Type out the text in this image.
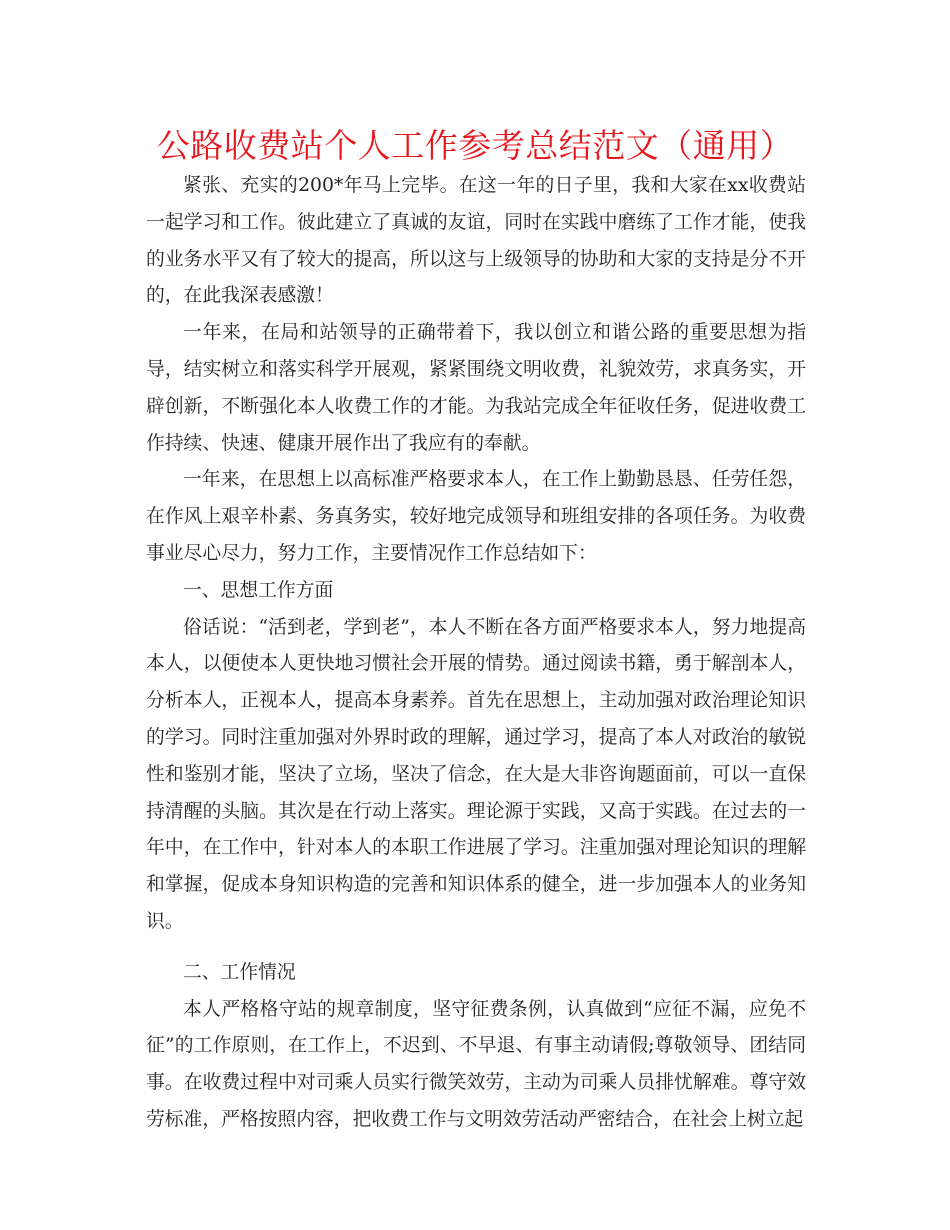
公路收费站个人工作参考总结范文（通用）

紧张、充实的200*年马上完毕。在这一年的日子里，我和大家在xx收费站一起学习和工作。彼此建立了真诚的友谊，同时在实践中磨练了工作才能，使我的业务水平又有了较大的提高，所以这与上级领导的协助和大家的支持是分不开的，在此我深表感激！

一年来，在局和站领导的正确带着下，我以创立和谐公路的重要思想为指导，结实树立和落实科学开展观，紧紧围绕文明收费，礼貌效劳，求真务实，开辟创新，不断强化本人收费工作的才能。为我站完成全年征收任务，促进收费工作持续、快速、健康开展作出了我应有的奉献。

一年来，在思想上以高标准严格要求本人，在工作上勤勤恳恳、任劳任怨，在作风上艰辛朴素、务真务实，较好地完成领导和班组安排的各项任务。为收费事业尽心尽力，努力工作，主要情况作工作总结如下：

一、思想工作方面

俗话说：“活到老，学到老”，本人不断在各方面严格要求本人，努力地提高本人，以便使本人更快地习惯社会开展的情势。通过阅读书籍，勇于解剖本人，分析本人，正视本人，提高本身素养。首先在思想上，主动加强对政治理论知识的学习。同时注重加强对外界时政的理解，通过学习，提高了本人对政治的敏锐性和鉴别才能，坚决了立场，坚决了信念，在大是大非咨询题面前，可以一直保持清醒的头脑。其次是在行动上落实。理论源于实践，又高于实践。在过去的一年中，在工作中，针对本人的本职工作进展了学习。注重加强对理论知识的理解和掌握，促成本身知识构造的完善和知识体系的健全，进一步加强本人的业务知识。

二、工作情况

本人严格格守站的规章制度，坚守征费条例，认真做到“应征不漏，应免不征”的工作原则，在工作上，不迟到、不早退、有事主动请假;尊敬领导、团结同事。在收费过程中对司乘人员实行微笑效劳，主动为司乘人员排忧解难。尊守效劳标准，严格按照内容，把收费工作与文明效劳活动严密结合，在社会上树立起
